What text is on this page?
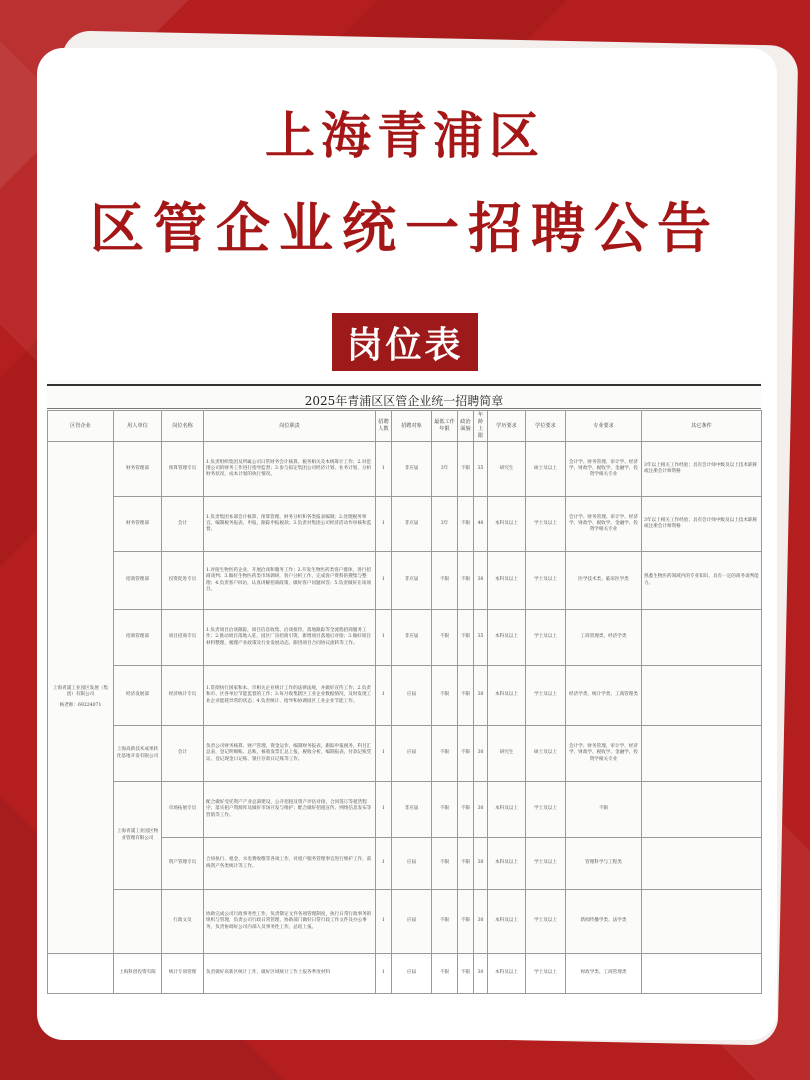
上海青浦区
区管企业统一招聘公告
岗位表
2025年青浦区区管企业统一招聘简章
区管企业	用人单位	岗位名称	岗位职责	招聘人数	招聘对象	最低工作年限	政治面貌	年龄上限	学历要求	学位要求	专业要求	其它条件

上海青浦工业园区发展（集团）有限公司
杨老师：69224071	财务管理部	预算管理专员	1.负责组织集团及所属公司日常财务会计核算、税务相关及本统筹计工作；2.对范围公司的财务工作进行指导监督；3.参与拟定集团公司经济计划、业务计划，分析财务状况，成本计划的执行情况。	1	非应届	3年	不限	35	研究生	硕士及以上	会计学、财务管理、审计学、经济学、财政学、税收学、金融学、投资学相关专业	3年以上相关工作经验；具有会计师中级及以上技术职称或注册会计师资格
	财务管理部	会计	1.负责集团本部会计核算、预算管理、财务分析和各类报表编制；2.处理税务事宜，编制税务报表、申报，跟踪申报税款；3.负责对集团公司经济活动作审核和监督。	1	非应届	3年	不限	40	本科及以上	学士及以上	会计学、财务管理、审计学、经济学、财政学、税收学、金融学、投资学相关专业	3年以上相关工作经验；具有会计师中级及以上技术职称或注册会计师资格
	招商管理部	投资促进专员	1.对接生物医药企业，开展洽谈和服务工作；2.开发生物医药类客户群体，进行招商谈判；3.做好生物医药类市场调研，客户分析工作，完成客户资料的搜集与整理；4.负责客户回访，认真讲解招商政策，做好客户问题回答；5.负责做好在谈项目。	1	非应届	不限	不限	30	本科及以上	学士及以上	医学技术类、临床医学类	熟悉生物医药领域内的专业知识，具有一定的商务谈判能力。
	招商管理部	项目招商专员	1.负责项目洽谈跟踪，项目信息收集、洽谈接待，落地跟踪等全流程招商服务工作；2.推动项目落地入驻，园区厂房招商引资，新增项目落地后对接；3.做好项目材料整理，梳理产业政策及行业发展动态，跟进项目合同协议流转等工作。	1	非应届	不限	不限	35	本科及以上	学士及以上	工商管理类、经济学类	
	经济发展部	经济统计专员	1.贯彻执行国家和本、市相关企业统计工作的法律法规，并做好宣传工作；2.负责和市、区各单位节能监督的工作；3.每月收集辖区工业企业数据情况，及时发现工业企业能耗异常的状态；4.负责统计、指导和协调园区工业企业节能工作。	1	应届	不限	不限	30	本科及以上	学士及以上	经济学类、统计学类、工商管理类	
	上海高新技术成果转化基地开发有限公司	会计	负责公司财务核算、财产管理、资金运作，编制财务报表，跟踪申报税务，科目汇总表，登记明细账、总账，核收发票汇总上报，税收分析，编制报表，付款记账凭证、登记现金日记账、银行存款日记账等工作。	1	应届	不限	不限	30	研究生	硕士及以上	会计学、财务管理、审计学、经济学、财政学、税收学、金融学、投资学相关专业	
	上海青浦工业园区物业管理有限公司	市场拓展专员	配合做好受托资产产业总部建设，公开招租及资产评估对接，合同签订等租赁程序；落实租户资源库及做好市场开发与维护；配合做好招租宣传、网络信息发布等营销等工作。	1	非应届	不限	不限	30	本科及以上	学士及以上	不限	
		资产管理专员	合同执行、租金、水电费收缴等各项工作，对租户服务管理事宜进行维护工作，前线资产各类统计等工作。	1	应届	不限	不限	30	本科及以上	学士及以上	管理科学与工程类	
		行政文员	协助完成公司行政事务性工作，负责制定文件各项管理制度，执行日常行政事务的组织与管理，负责公司行政日常管理，协助部门做好日常行政工作文件及办公事务，负责协调好公司内部人员事务性工作，总结上报。	1	应届	不限	不限	30	本科及以上	学士及以上	新闻传播学类、法学类	
	上海科创投资有限	统计专项管理	负责做好高新区统计工作，做好区域统计工作上报各季度材料	1	应届	不限	不限	30	本科及以上	学士及以上	财政学类、工商管理类	
